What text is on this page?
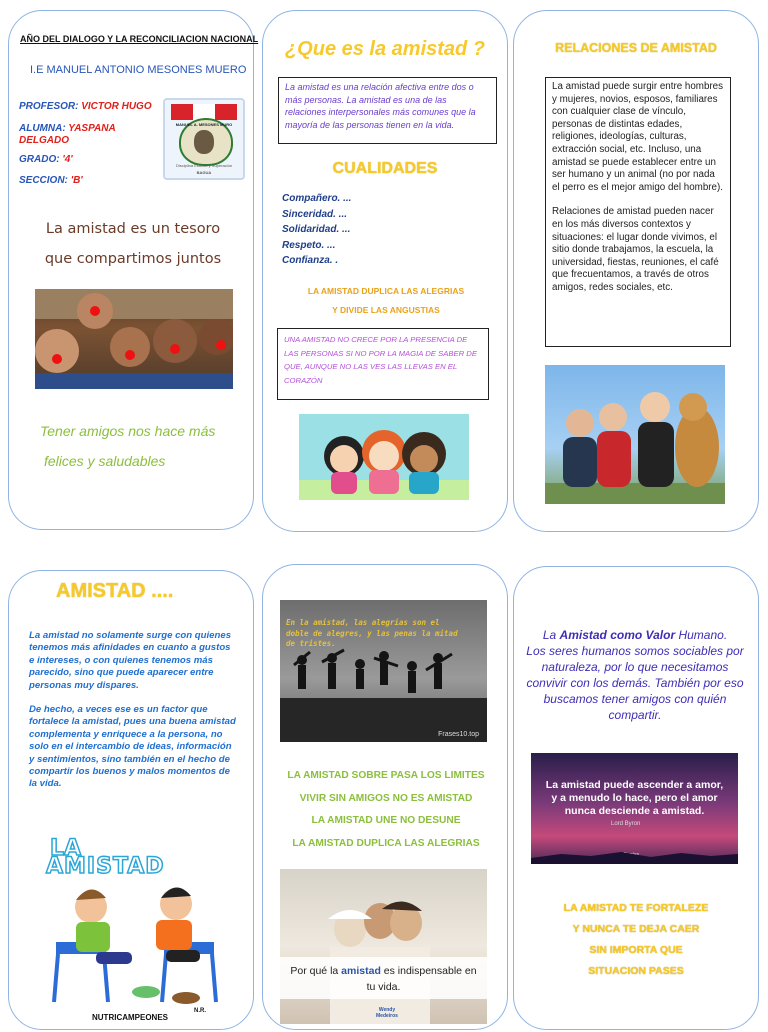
AÑO DEL DIALOGO Y LA RECONCILIACION NACIONAL
I.E MANUEL ANTONIO MESONES MUERO
PROFESOR: VICTOR HUGO
ALUMNA: YASPANA
DELGADO
GRADO: '4'
SECCION: 'B'
MANUEL A. MESONES MURO
Disciplina Estudio y Superación
BAGUA
La amistad es un tesoro
que compartimos juntos
Tener amigos nos hace más
felices y saludables
¿Que es la amistad ?
La amistad es una relación afectiva entre dos o más personas. La amistad es una de las relaciones interpersonales más comunes que la mayoría de las personas tienen en la vida.
CUALIDADES
Compañero. ...
Sinceridad. ...
Solidaridad. ...
Respeto. ...
Confianza. .
LA AMISTAD DUPLICA LAS ALEGRIAS
Y DIVIDE LAS ANGUSTIAS
UNA AMISTAD NO CRECE POR LA PRESENCIA DE LAS PERSONAS SI NO POR LA MAGIA DE SABER DE QUE, AUNQUE NO LAS VES LAS LLEVAS EN EL CORAZÓN
RELACIONES DE AMISTAD
La amistad puede surgir entre hombres y mujeres, novios, esposos, familiares con cualquier clase de vínculo, personas de distintas edades, religiones, ideologías, culturas, extracción social, etc. Incluso, una amistad se puede establecer entre un ser humano y un animal (no por nada el perro es el mejor amigo del hombre).
Relaciones de amistad pueden nacer en los más diversos contextos y situaciones: el lugar donde vivimos, el sitio donde trabajamos, la escuela, la universidad, fiestas, reuniones, el café que frecuentamos, a través de otros amigos, redes sociales, etc.
AMISTAD ....
La amistad no solamente surge con quienes tenemos más afinidades en cuanto a gustos e intereses, o con quienes tenemos más parecido, sino que puede aparecer entre personas muy dispares.
De hecho, a veces ese es un factor que fortalece la amistad, pues una buena amistad complementa y enriquece a la persona, no solo en el intercambio de ideas, información y sentimientos, sino también en el hecho de compartir los buenos y malos momentos de la vida.
LA
AMISTAD
NUTRICAMPEONES
N.R.
En la amistad, las alegrías son el doble de alegres, y las penas la mitad de tristes.
Frases10.top
LA AMISTAD SOBRE PASA LOS LIMITES
VIVIR SIN AMIGOS NO ES AMISTAD
LA AMISTAD UNE NO DESUNE
LA AMISTAD DUPLICA LAS ALEGRIAS
Por qué la amistad es indispensable en tu vida.
Wendy Medeiros
La Amistad como Valor Humano.
Los seres humanos somos sociables por naturaleza, por lo que necesitamos convivir con los demás. También por eso buscamos tener amigos con quién compartir.
La amistad puede ascender a amor, y a menudo lo hace, pero el amor nunca desciende a amistad.
Lord Byron
LA AMISTAD TE FORTALEZE
Y NUNCA TE DEJA CAER
SIN IMPORTA QUE
SITUACION PASES
